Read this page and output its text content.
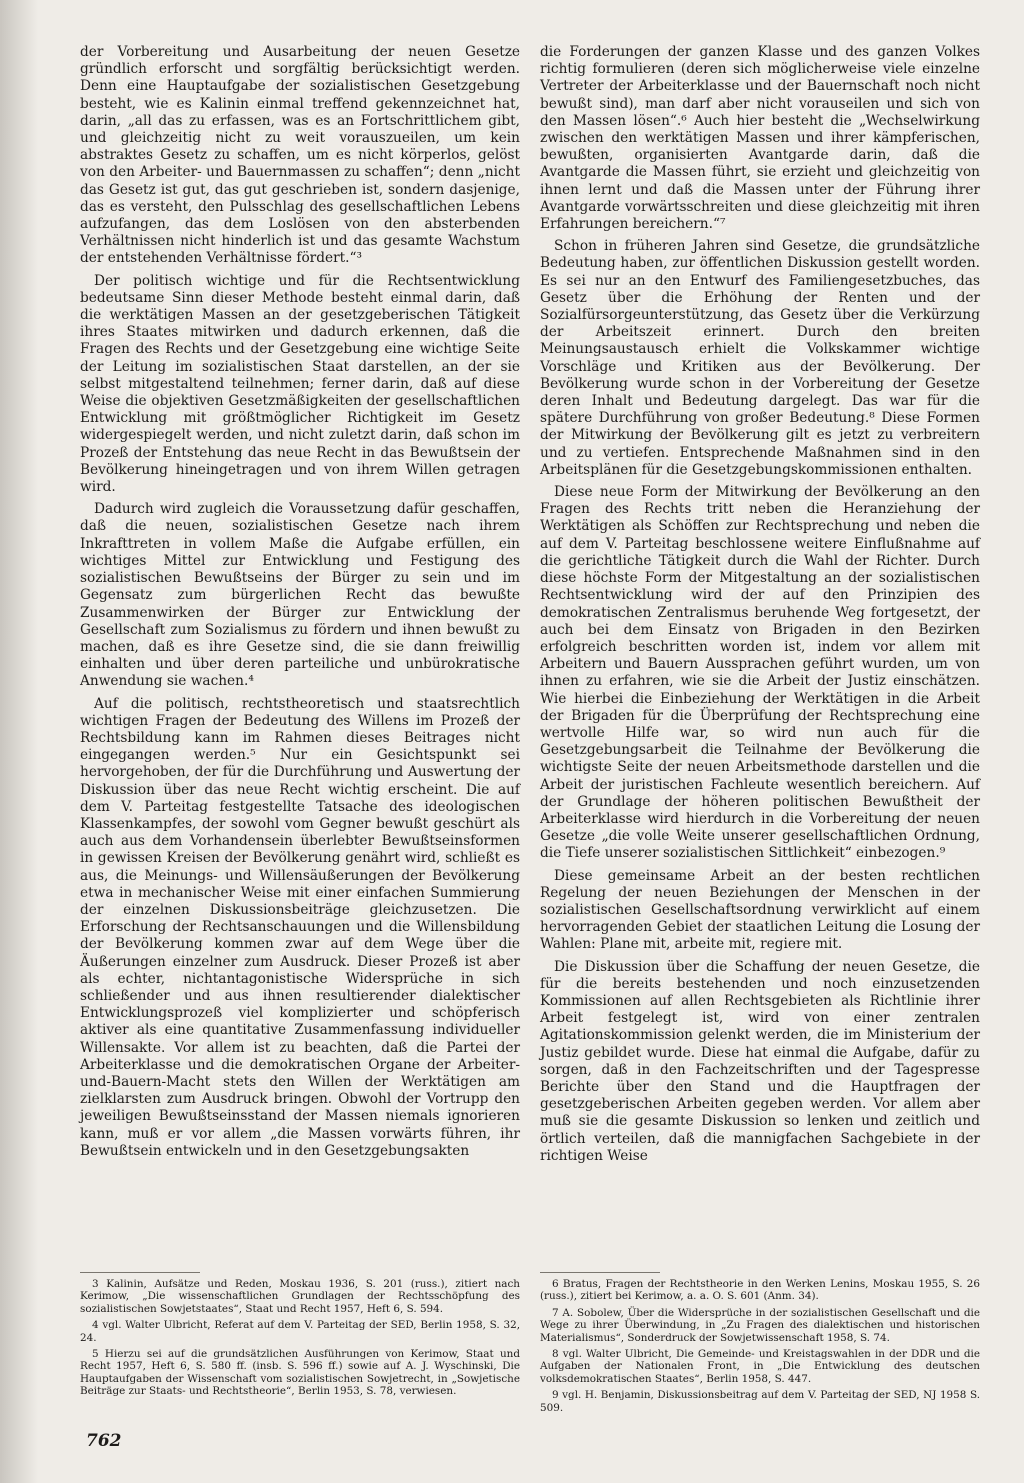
der Vorbereitung und Ausarbeitung der neuen Gesetze gründlich erforscht und sorgfältig berücksichtigt werden. Denn eine Hauptaufgabe der sozialistischen Gesetzgebung besteht, wie es Kalinin einmal treffend gekennzeichnet hat, darin, „all das zu erfassen, was es an Fortschrittlichem gibt, und gleichzeitig nicht zu weit vorauszueilen, um kein abstraktes Gesetz zu schaffen, um es nicht körperlos, gelöst von den Arbeiter- und Bauernmassen zu schaffen“; denn „nicht das Gesetz ist gut, das gut geschrieben ist, sondern dasjenige, das es versteht, den Pulsschlag des gesellschaftlichen Lebens aufzufangen, das dem Loslösen von den absterbenden Verhältnissen nicht hinderlich ist und das gesamte Wachstum der entstehenden Verhältnisse fördert.“³

Der politisch wichtige und für die Rechtsentwicklung bedeutsame Sinn dieser Methode besteht einmal darin, daß die werktätigen Massen an der gesetzgeberischen Tätigkeit ihres Staates mitwirken und dadurch erkennen, daß die Fragen des Rechts und der Gesetzgebung eine wichtige Seite der Leitung im sozialistischen Staat darstellen, an der sie selbst mitgestaltend teilnehmen; ferner darin, daß auf diese Weise die objektiven Gesetzmäßigkeiten der gesellschaftlichen Entwicklung mit größtmöglicher Richtigkeit im Gesetz widergespiegelt werden, und nicht zuletzt darin, daß schon im Prozeß der Entstehung das neue Recht in das Bewußtsein der Bevölkerung hineingetragen und von ihrem Willen getragen wird.

Dadurch wird zugleich die Voraussetzung dafür geschaffen, daß die neuen, sozialistischen Gesetze nach ihrem Inkrafttreten in vollem Maße die Aufgabe erfüllen, ein wichtiges Mittel zur Entwicklung und Festigung des sozialistischen Bewußtseins der Bürger zu sein und im Gegensatz zum bürgerlichen Recht das bewußte Zusammenwirken der Bürger zur Entwicklung der Gesellschaft zum Sozialismus zu fördern und ihnen bewußt zu machen, daß es ihre Gesetze sind, die sie dann freiwillig einhalten und über deren parteiliche und unbürokratische Anwendung sie wachen.⁴

Auf die politisch, rechtstheoretisch und staatsrechtlich wichtigen Fragen der Bedeutung des Willens im Prozeß der Rechtsbildung kann im Rahmen dieses Beitrages nicht eingegangen werden.⁵ Nur ein Gesichtspunkt sei hervorgehoben, der für die Durchführung und Auswertung der Diskussion über das neue Recht wichtig erscheint. Die auf dem V. Parteitag festgestellte Tatsache des ideologischen Klassenkampfes, der sowohl vom Gegner bewußt geschürt als auch aus dem Vorhandensein überlebter Bewußtseinsformen in gewissen Kreisen der Bevölkerung genährt wird, schließt es aus, die Meinungs- und Willensäußerungen der Bevölkerung etwa in mechanischer Weise mit einer einfachen Summierung der einzelnen Diskussionsbeiträge gleichzusetzen. Die Erforschung der Rechtsanschauungen und die Willensbildung der Bevölkerung kommen zwar auf dem Wege über die Äußerungen einzelner zum Ausdruck. Dieser Prozeß ist aber als echter, nichtantagonistische Widersprüche in sich schließender und aus ihnen resultierender dialektischer Entwicklungsprozeß viel komplizierter und schöpferisch aktiver als eine quantitative Zusammenfassung individueller Willensakte. Vor allem ist zu beachten, daß die Partei der Arbeiterklasse und die demokratischen Organe der Arbeiter-und-Bauern-Macht stets den Willen der Werktätigen am zielklarsten zum Ausdruck bringen. Obwohl der Vortrupp den jeweiligen Bewußtseinsstand der Massen niemals ignorieren kann, muß er vor allem „die Massen vorwärts führen, ihr Bewußtsein entwickeln und in den Gesetzgebungsakten

die Forderungen der ganzen Klasse und des ganzen Volkes richtig formulieren (deren sich möglicherweise viele einzelne Vertreter der Arbeiterklasse und der Bauernschaft noch nicht bewußt sind), man darf aber nicht vorauseilen und sich von den Massen lösen“.⁶ Auch hier besteht die „Wechselwirkung zwischen den werktätigen Massen und ihrer kämpferischen, bewußten, organisierten Avantgarde darin, daß die Avantgarde die Massen führt, sie erzieht und gleichzeitig von ihnen lernt und daß die Massen unter der Führung ihrer Avantgarde vorwärtsschreiten und diese gleichzeitig mit ihren Erfahrungen bereichern.“⁷

Schon in früheren Jahren sind Gesetze, die grundsätzliche Bedeutung haben, zur öffentlichen Diskussion gestellt worden. Es sei nur an den Entwurf des Familiengesetzbuches, das Gesetz über die Erhöhung der Renten und der Sozialfürsorgeunterstützung, das Gesetz über die Verkürzung der Arbeitszeit erinnert. Durch den breiten Meinungsaustausch erhielt die Volkskammer wichtige Vorschläge und Kritiken aus der Bevölkerung. Der Bevölkerung wurde schon in der Vorbereitung der Gesetze deren Inhalt und Bedeutung dargelegt. Das war für die spätere Durchführung von großer Bedeutung.⁸ Diese Formen der Mitwirkung der Bevölkerung gilt es jetzt zu verbreitern und zu vertiefen. Entsprechende Maßnahmen sind in den Arbeitsplänen für die Gesetzgebungskommissionen enthalten.

Diese neue Form der Mitwirkung der Bevölkerung an den Fragen des Rechts tritt neben die Heranziehung der Werktätigen als Schöffen zur Rechtsprechung und neben die auf dem V. Parteitag beschlossene weitere Einflußnahme auf die gerichtliche Tätigkeit durch die Wahl der Richter. Durch diese höchste Form der Mitgestaltung an der sozialistischen Rechtsentwicklung wird der auf den Prinzipien des demokratischen Zentralismus beruhende Weg fortgesetzt, der auch bei dem Einsatz von Brigaden in den Bezirken erfolgreich beschritten worden ist, indem vor allem mit Arbeitern und Bauern Aussprachen geführt wurden, um von ihnen zu erfahren, wie sie die Arbeit der Justiz einschätzen. Wie hierbei die Einbeziehung der Werktätigen in die Arbeit der Brigaden für die Überprüfung der Rechtsprechung eine wertvolle Hilfe war, so wird nun auch für die Gesetzgebungsarbeit die Teilnahme der Bevölkerung die wichtigste Seite der neuen Arbeitsmethode darstellen und die Arbeit der juristischen Fachleute wesentlich bereichern. Auf der Grundlage der höheren politischen Bewußtheit der Arbeiterklasse wird hierdurch in die Vorbereitung der neuen Gesetze „die volle Weite unserer gesellschaftlichen Ordnung, die Tiefe unserer sozialistischen Sittlichkeit“ einbezogen.⁹

Diese gemeinsame Arbeit an der besten rechtlichen Regelung der neuen Beziehungen der Menschen in der sozialistischen Gesellschaftsordnung verwirklicht auf einem hervorragenden Gebiet der staatlichen Leitung die Losung der Wahlen: Plane mit, arbeite mit, regiere mit.

Die Diskussion über die Schaffung der neuen Gesetze, die für die bereits bestehenden und noch einzusetzenden Kommissionen auf allen Rechtsgebieten als Richtlinie ihrer Arbeit festgelegt ist, wird von einer zentralen Agitationskommission gelenkt werden, die im Ministerium der Justiz gebildet wurde. Diese hat einmal die Aufgabe, dafür zu sorgen, daß in den Fachzeitschriften und der Tagespresse Berichte über den Stand und die Hauptfragen der gesetzgeberischen Arbeiten gegeben werden. Vor allem aber muß sie die gesamte Diskussion so lenken und zeitlich und örtlich verteilen, daß die mannigfachen Sachgebiete in der richtigen Weise

3 Kalinin, Aufsätze und Reden, Moskau 1936, S. 201 (russ.), zitiert nach Kerimow, „Die wissenschaftlichen Grundlagen der Rechtsschöpfung des sozialistischen Sowjetstaates“, Staat und Recht 1957, Heft 6, S. 594.

4 vgl. Walter Ulbricht, Referat auf dem V. Parteitag der SED, Berlin 1958, S. 32, 24.

5 Hierzu sei auf die grundsätzlichen Ausführungen von Kerimow, Staat und Recht 1957, Heft 6, S. 580 ff. (insb. S. 596 ff.) sowie auf A. J. Wyschinski, Die Hauptaufgaben der Wissenschaft vom sozialistischen Sowjetrecht, in „Sowjetische Beiträge zur Staats- und Rechtstheorie“, Berlin 1953, S. 78, verwiesen.

6 Bratus, Fragen der Rechtstheorie in den Werken Lenins, Moskau 1955, S. 26 (russ.), zitiert bei Kerimow, a. a. O. S. 601 (Anm. 34).

7 A. Sobolew, Über die Widersprüche in der sozialistischen Gesellschaft und die Wege zu ihrer Überwindung, in „Zu Fragen des dialektischen und historischen Materialismus“, Sonderdruck der Sowjetwissenschaft 1958, S. 74.

8 vgl. Walter Ulbricht, Die Gemeinde- und Kreistagswahlen in der DDR und die Aufgaben der Nationalen Front, in „Die Entwicklung des deutschen volksdemokratischen Staates“, Berlin 1958, S. 447.

9 vgl. H. Benjamin, Diskussionsbeitrag auf dem V. Parteitag der SED, NJ 1958 S. 509.

762
